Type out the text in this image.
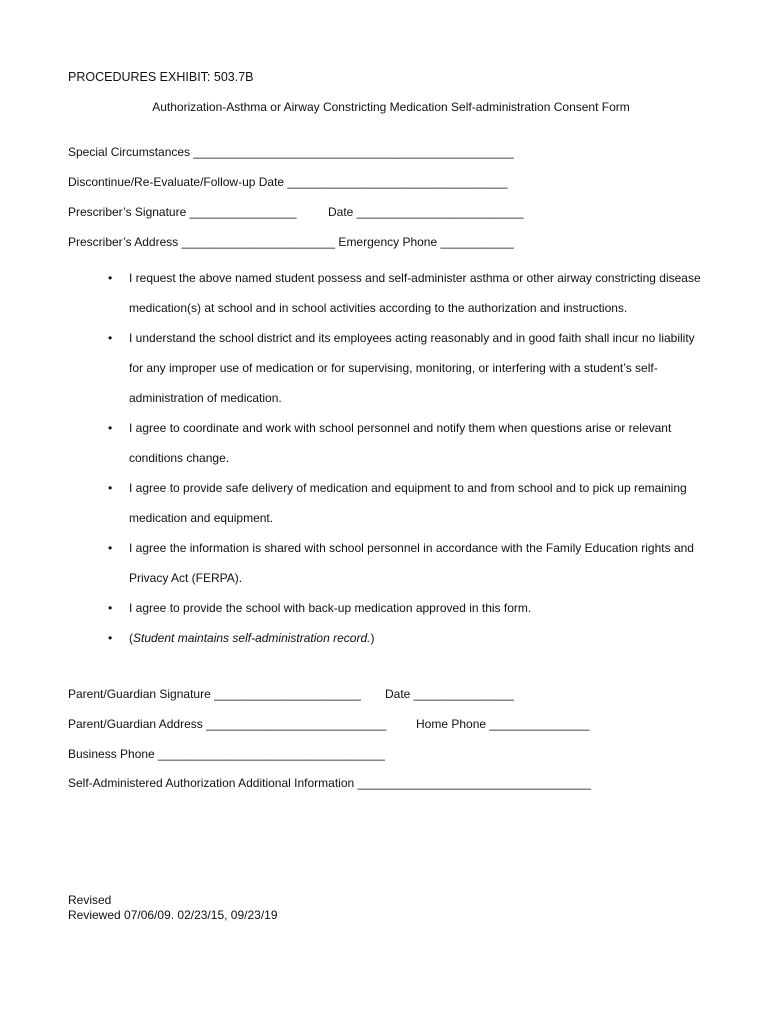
PROCEDURES EXHIBIT: 503.7B
Authorization-Asthma or Airway Constricting Medication Self-administration Consent Form
Special Circumstances ________________________________________________
Discontinue/Re-Evaluate/Follow-up Date _________________________________
Prescriber’s Signature ________________	Date _________________________
Prescriber’s Address _______________________ Emergency Phone ___________
• I request the above named student possess and self-administer asthma or other airway constricting disease medication(s) at school and in school activities according to the authorization and instructions.
• I understand the school district and its employees acting reasonably and in good faith shall incur no liability for any improper use of medication or for supervising, monitoring, or interfering with a student’s self-administration of medication.
• I agree to coordinate and work with school personnel and notify them when questions arise or relevant conditions change.
• I agree to provide safe delivery of medication and equipment to and from school and to pick up remaining medication and equipment.
• I agree the information is shared with school personnel in accordance with the Family Education rights and Privacy Act (FERPA).
• I agree to provide the school with back-up medication approved in this form.
• (Student maintains self-administration record.)
Parent/Guardian Signature ______________________ Date _______________
Parent/Guardian Address ___________________________ Home Phone _______________
Business Phone __________________________________
Self-Administered Authorization Additional Information ___________________________________
Revised
Reviewed 07/06/09. 02/23/15, 09/23/19
